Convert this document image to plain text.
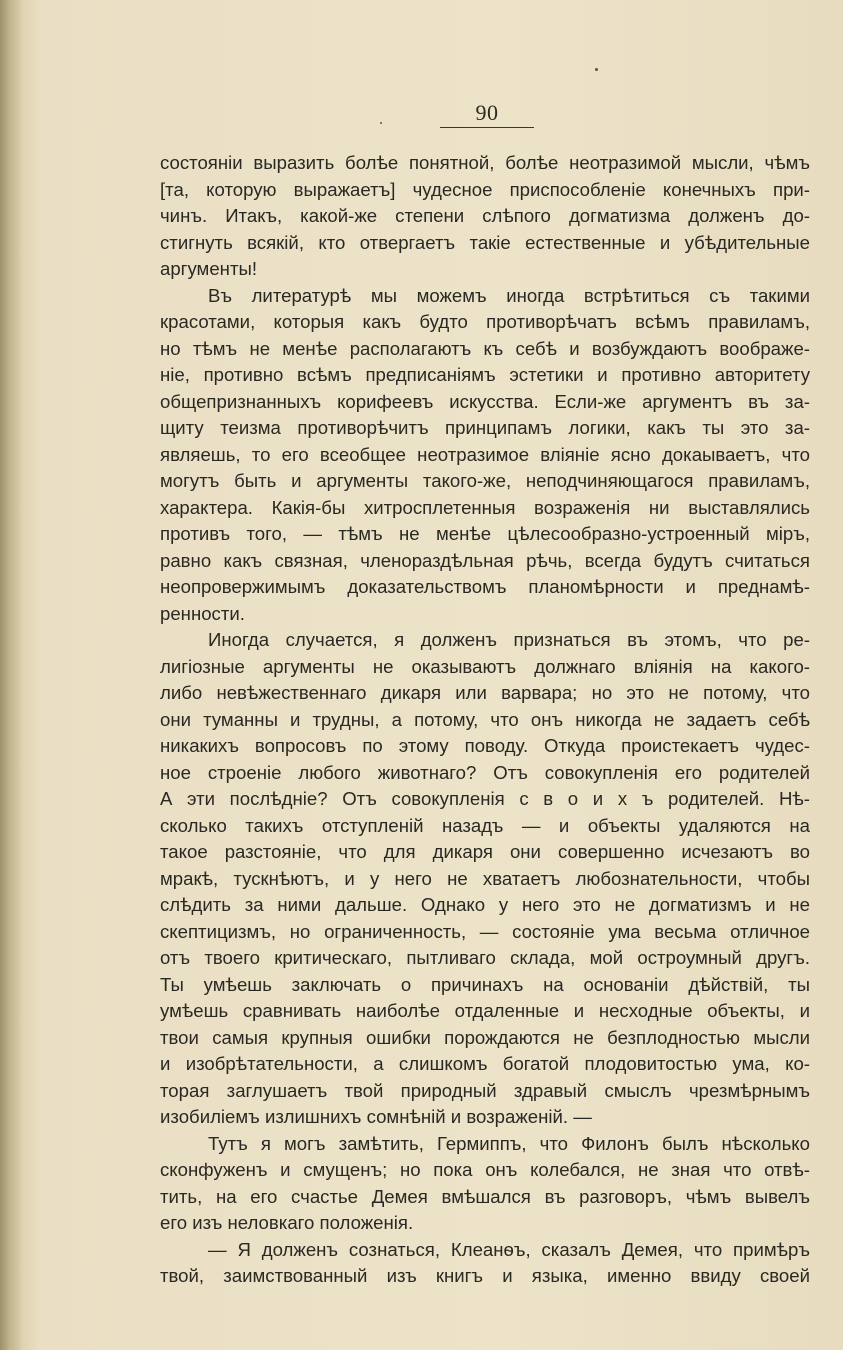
90
состоянiи выразить болѣе понятной, болѣе неотразимой мысли, чѣмъ
[та, которую выражаетъ] чудесное приспособленiе конечныхъ при-
чинъ. Итакъ, какой-же степени слѣпого догматизма долженъ до-
стигнуть всякiй, кто отвергаетъ такiе естественные и убѣдительные
аргументы!
Въ литературѣ мы можемъ иногда встрѣтиться съ такими
красотами, которыя какъ будто противорѣчатъ всѣмъ правиламъ,
но тѣмъ не менѣе располагаютъ къ себѣ и возбуждаютъ воображе-
нiе, противно всѣмъ предписанiямъ эстетики и противно авторитету
общепризнанныхъ корифеевъ искусства. Если-же аргументъ въ за-
щиту теизма противорѣчитъ принципамъ логики, какъ ты это за-
являешь, то его всеобщее неотразимое влiянiе ясно докаываетъ, что
могутъ быть и аргументы такого-же, неподчиняющагося правиламъ,
характера. Какiя-бы хитросплетенныя возраженiя ни выставлялись
противъ того, — тѣмъ не менѣе цѣлесообразно-устроенный мiръ,
равно какъ связная, членораздѣльная рѣчь, всегда будутъ считаться
неопровержимымъ доказательствомъ планомѣрности и преднамѣ-
ренности.
Иногда случается, я долженъ признаться въ этомъ, что ре-
лигiозные аргументы не оказываютъ должнаго влiянiя на какого-
либо невѣжественнаго дикаря или варвара; но это не потому, что
они туманны и трудны, а потому, что онъ никогда не задаетъ себѣ
никакихъ вопросовъ по этому поводу. Откуда проистекаетъ чудес-
ное строенiе любого животнаго? Отъ совокупленiя его родителей
А эти послѣднiе? Отъ совокупленiя с в о и х ъ родителей. Нѣ-
сколько такихъ отступленiй назадъ — и объекты удаляются на
такое разстоянiе, что для дикаря они совершенно исчезаютъ во
мракѣ, тускнѣютъ, и у него не хватаетъ любознательности, чтобы
слѣдить за ними дальше. Однако у него это не догматизмъ и не
скептицизмъ, но ограниченность, — состоянiе ума весьма отличное
отъ твоего критическаго, пытливаго склада, мой остроумный другъ.
Ты умѣешь заключать о причинахъ на основанiи дѣйствiй, ты
умѣешь сравнивать наиболѣе отдаленные и несходные объекты, и
твои самыя крупныя ошибки порождаются не безплодностью мысли
и изобрѣтательности, а слишкомъ богатой плодовитостью ума, ко-
торая заглушаетъ твой природный здравый смыслъ чрезмѣрнымъ
изобилiемъ излишнихъ сомнѣнiй и возраженiй. —
Тутъ я могъ замѣтить, Гермиппъ, что Филонъ былъ нѣсколько
сконфуженъ и смущенъ; но пока онъ колебался, не зная что отвѣ-
тить, на его счастье Демея вмѣшался въ разговоръ, чѣмъ вывелъ
его изъ неловкаго положенiя.
— Я долженъ сознаться, Клеанѳъ, сказалъ Демея, что примѣръ
твой, заимствованный изъ книгъ и языка, именно ввиду своей
